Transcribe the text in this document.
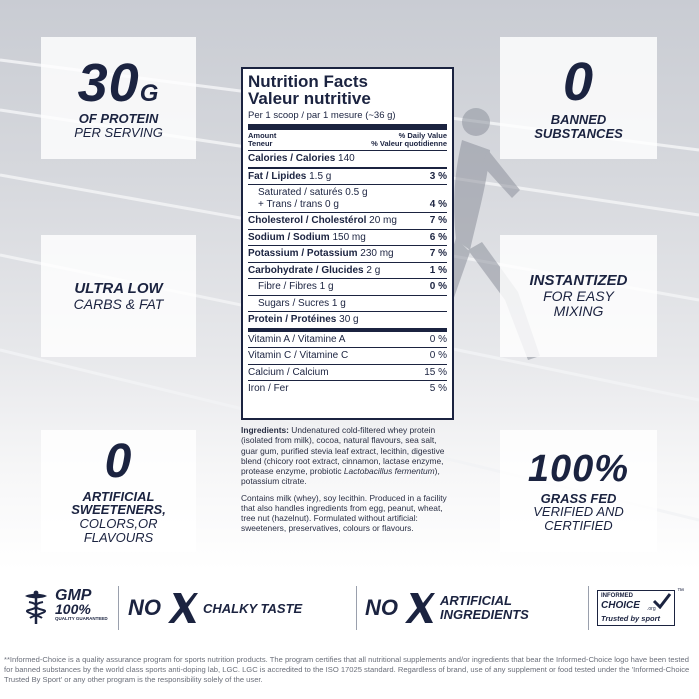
30G
OF PROTEIN
PER SERVING
0
BANNED
SUBSTANCES
ULTRA LOW
CARBS & FAT
INSTANTIZED
FOR EASY
MIXING
0
ARTIFICIAL
SWEETENERS,
COLORS,OR
FLAVOURS
100%
GRASS FED
VERIFIED AND
CERTIFIED
Nutrition Facts
Valeur nutritive
Per 1 scoop / par 1 mesure (~36 g)
Amount
Teneur
% Daily Value
% Valeur quotidienne
Calories / Calories 140
Fat / Lipides 1.5 g	3 %
Saturated / saturés 0.5 g
+ Trans / trans 0 g	4 %
Cholesterol / Cholestérol 20 mg	7 %
Sodium / Sodium 150 mg	6 %
Potassium / Potassium 230 mg	7 %
Carbohydrate / Glucides 2 g	1 %
Fibre / Fibres 1 g	0 %
Sugars / Sucres 1 g
Protein / Protéines 30 g
Vitamin A / Vitamine A	0 %
Vitamin C / Vitamine C	0 %
Calcium / Calcium	15 %
Iron / Fer	5 %

Ingredients: Undenatured cold-filtered whey protein (isolated from milk), cocoa, natural flavours, sea salt, guar gum, purified stevia leaf extract, lecithin, digestive blend (chicory root extract, cinnamon, lactase enzyme, protease enzyme, probiotic Lactobacillus fermentum), potassium citrate.

Contains milk (whey), soy lecithin. Produced in a facility that also handles ingredients from egg, peanut, wheat, tree nut (hazelnut). Formulated without artificial: sweeteners, preservatives, colours or flavours.

GMP
100%
QUALITY GUARANTEED NO	CHALKY TASTE	NO	ARTIFICIAL
INGREDIENTS
INFORMED
CHOICE .org
Trusted by sport
™
**Informed-Choice is a quality assurance program for sports nutrition products. The program certifies that all nutritional supplements and/or ingredients that bear the Informed-Choice logo have been tested for banned substances by the world class sports anti-doping lab, LGC. LGC is accredited to the ISO 17025 standard. Regardless of brand, use of any supplement or food tested under the 'Informed-Choice Trusted By Sport' or any other program is the responsibility solely of the user.
